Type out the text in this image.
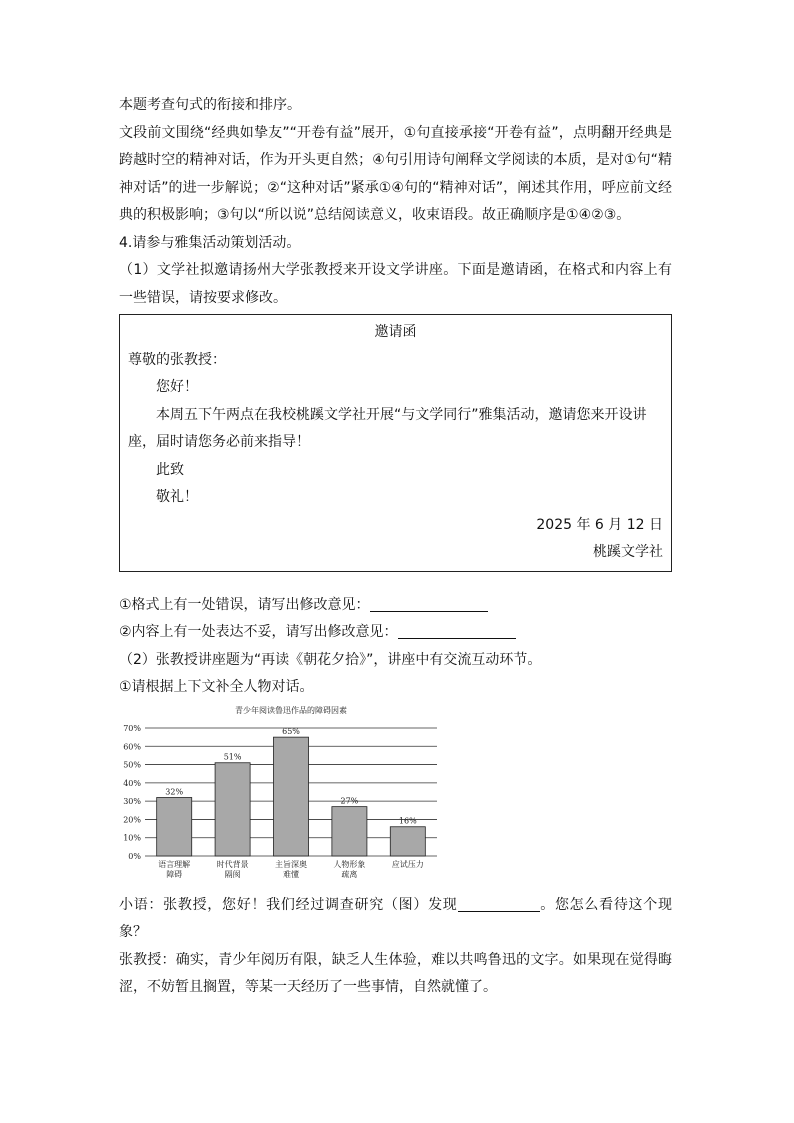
本题考查句式的衔接和排序。

文段前文围绕“经典如挚友”“开卷有益”展开，①句直接承接“开卷有益”，点明翻开经典是跨越时空的精神对话，作为开头更自然；④句引用诗句阐释文学阅读的本质，是对①句“精神对话”的进一步解说；②“这种对话”紧承①④句的“精神对话”，阐述其作用，呼应前文经典的积极影响；③句以“所以说”总结阅读意义，收束语段。故正确顺序是①④②③。

4.请参与雅集活动策划活动。

（1）文学社拟邀请扬州大学张教授来开设文学讲座。下面是邀请函，在格式和内容上有一些错误，请按要求修改。

邀请函
尊敬的张教授：
您好！
本周五下午两点在我校桃蹊文学社开展“与文学同行”雅集活动，邀请您来开设讲座，届时请您务必前来指导！
此致
敬礼！
2025 年 6 月 12 日
桃蹊文学社

①格式上有一处错误，请写出修改意见：

②内容上有一处表达不妥，请写出修改意见：

（2）张教授讲座题为“再读《朝花夕拾》”，讲座中有交流互动环节。

①请根据上下文补全人物对话。

青少年阅读鲁迅作品的障碍因素
0%
10%
20%
30%
40%
50%
60%
70%
32%
语言理解
障碍
51%
时代背景
隔阂
65%
主旨深奥
难懂
27%
人物形象
疏离
16%
应试压力

小语：张教授，您好！我们经过调查研究（图）发现	。您怎么看待这个现象？

张教授：确实，青少年阅历有限，缺乏人生体验，难以共鸣鲁迅的文字。如果现在觉得晦涩，不妨暂且搁置，等某一天经历了一些事情，自然就懂了。
